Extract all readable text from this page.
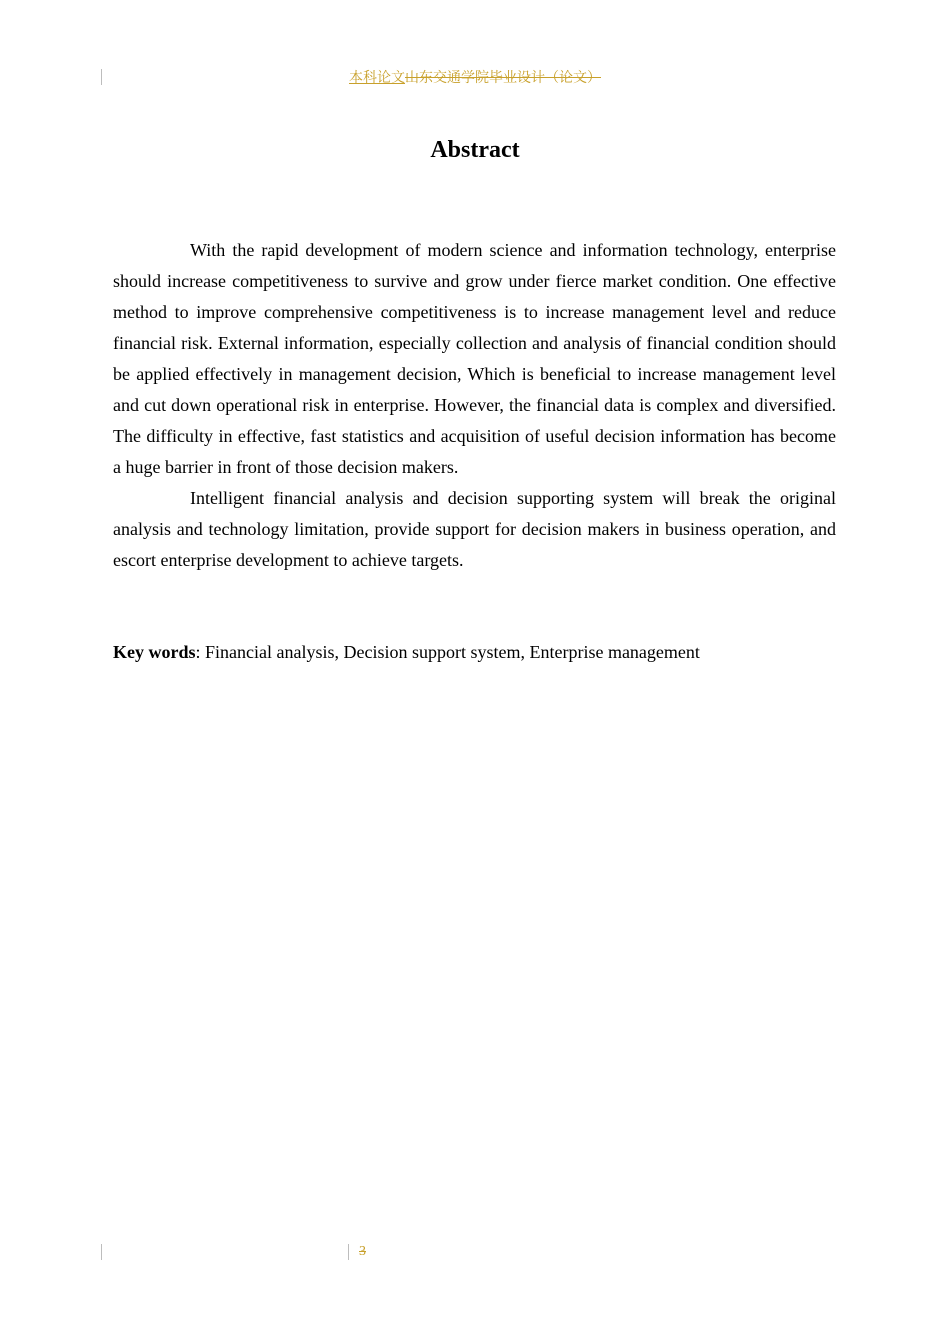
本科论文山东交通学院毕业设计（论文）
Abstract

With the rapid development of modern science and information technology, enterprise should increase competitiveness to survive and grow under fierce market condition. One effective method to improve comprehensive competitiveness is to increase management level and reduce financial risk. External information, especially collection and analysis of financial condition should be applied effectively in management decision, Which is beneficial to increase management level and cut down operational risk in enterprise. However, the financial data is complex and diversified. The difficulty in effective, fast statistics and acquisition of useful decision information has become a huge barrier in front of those decision makers.

Intelligent financial analysis and decision supporting system will break the original analysis and technology limitation, provide support for decision makers in business operation, and escort enterprise development to achieve targets.

Key words: Financial analysis, Decision support system, Enterprise management
3
